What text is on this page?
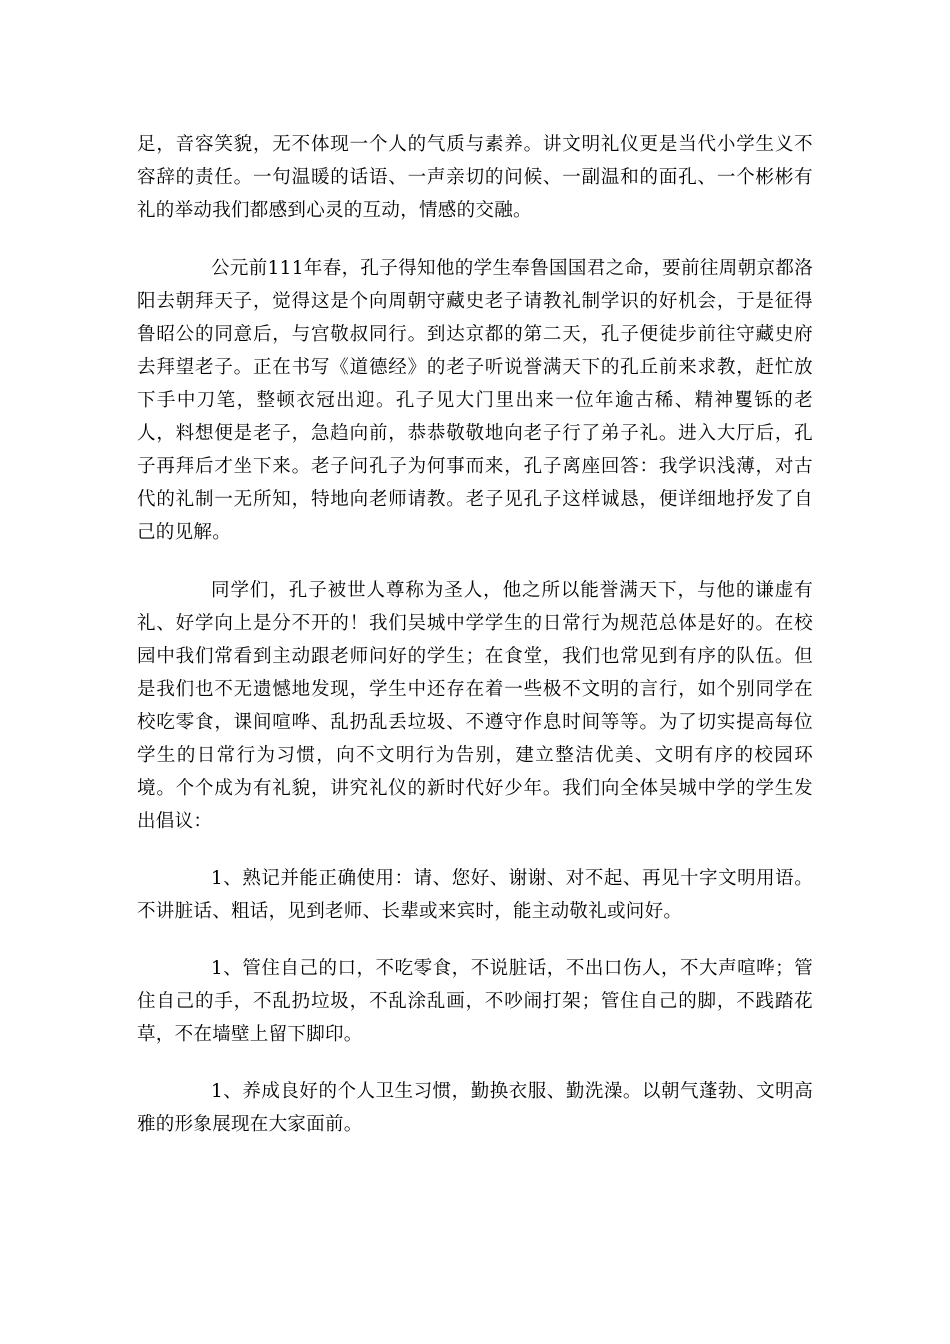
足，音容笑貌，无不体现一个人的气质与素养。讲文明礼仪更是当代小学生义不容辞的责任。一句温暖的话语、一声亲切的问候、一副温和的面孔、一个彬彬有礼的举动我们都感到心灵的互动，情感的交融。

公元前111年春，孔子得知他的学生奉鲁国国君之命，要前往周朝京都洛阳去朝拜天子，觉得这是个向周朝守藏史老子请教礼制学识的好机会，于是征得鲁昭公的同意后，与宫敬叔同行。到达京都的第二天，孔子便徒步前往守藏史府去拜望老子。正在书写《道德经》的老子听说誉满天下的孔丘前来求教，赶忙放下手中刀笔，整顿衣冠出迎。孔子见大门里出来一位年逾古稀、精神矍铄的老人，料想便是老子，急趋向前，恭恭敬敬地向老子行了弟子礼。进入大厅后，孔子再拜后才坐下来。老子问孔子为何事而来，孔子离座回答：我学识浅薄，对古代的礼制一无所知，特地向老师请教。老子见孔子这样诚恳，便详细地抒发了自己的见解。

同学们，孔子被世人尊称为圣人，他之所以能誉满天下，与他的谦虚有礼、好学向上是分不开的！我们吴城中学学生的日常行为规范总体是好的。在校园中我们常看到主动跟老师问好的学生；在食堂，我们也常见到有序的队伍。但是我们也不无遗憾地发现，学生中还存在着一些极不文明的言行，如个别同学在校吃零食，课间喧哗、乱扔乱丢垃圾、不遵守作息时间等等。为了切实提高每位学生的日常行为习惯，向不文明行为告别，建立整洁优美、文明有序的校园环境。个个成为有礼貌，讲究礼仪的新时代好少年。我们向全体吴城中学的学生发出倡议：

1、熟记并能正确使用：请、您好、谢谢、对不起、再见十字文明用语。不讲脏话、粗话，见到老师、长辈或来宾时，能主动敬礼或问好。

1、管住自己的口，不吃零食，不说脏话，不出口伤人，不大声喧哗；管住自己的手，不乱扔垃圾，不乱涂乱画，不吵闹打架；管住自己的脚，不践踏花草，不在墙壁上留下脚印。

1、养成良好的个人卫生习惯，勤换衣服、勤洗澡。以朝气蓬勃、文明高雅的形象展现在大家面前。
